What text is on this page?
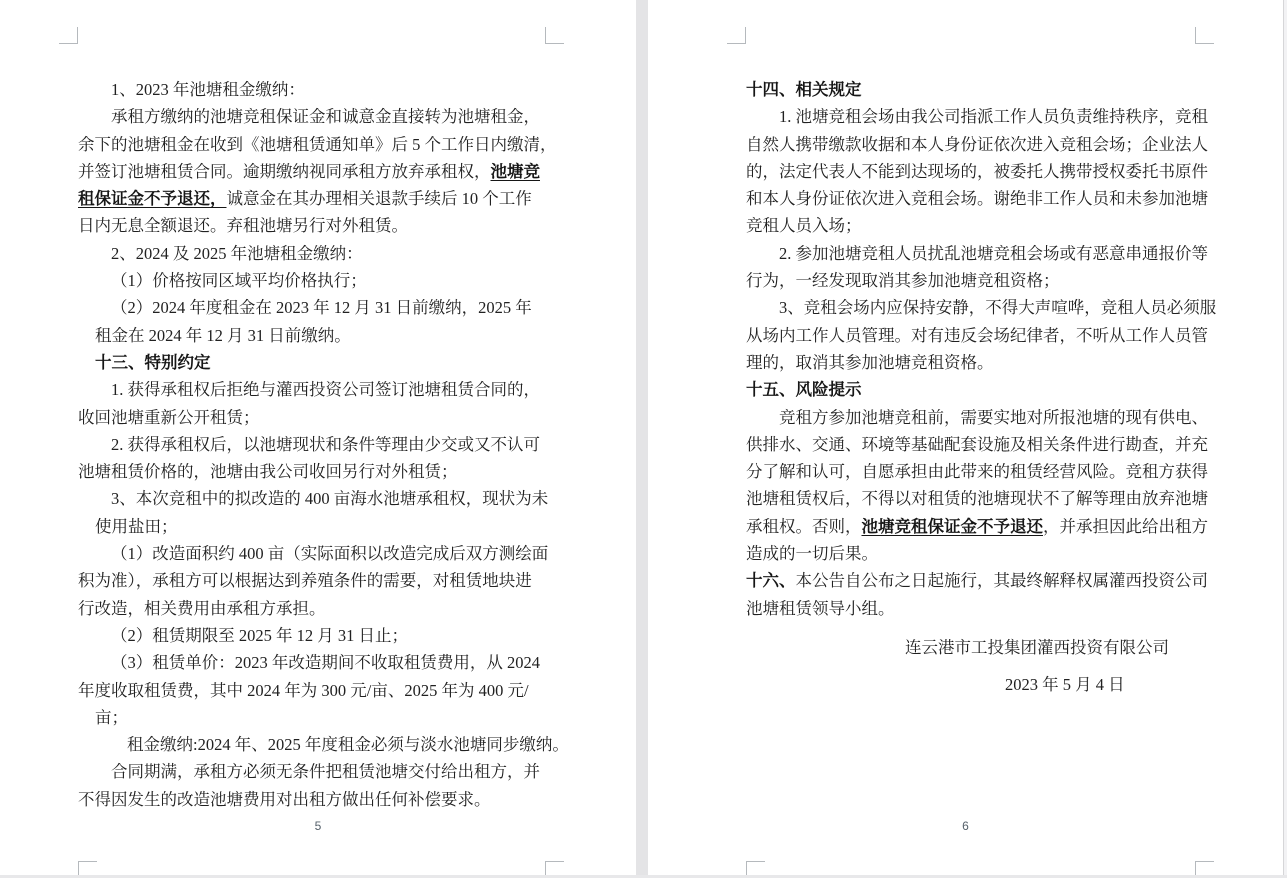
1、2023 年池塘租金缴纳：
承租方缴纳的池塘竞租保证金和诚意金直接转为池塘租金，
余下的池塘租金在收到《池塘租赁通知单》后 5 个工作日内缴清，
并签订池塘租赁合同。逾期缴纳视同承租方放弃承租权，池塘竞
租保证金不予退还，诚意金在其办理相关退款手续后 10 个工作
日内无息全额退还。弃租池塘另行对外租赁。
2、2024 及 2025 年池塘租金缴纳：
（1）价格按同区域平均价格执行；
（2）2024 年度租金在 2023 年 12 月 31 日前缴纳，2025 年
租金在 2024 年 12 月 31 日前缴纳。
十三、特别约定
1. 获得承租权后拒绝与灌西投资公司签订池塘租赁合同的，
收回池塘重新公开租赁；
2. 获得承租权后，以池塘现状和条件等理由少交或又不认可
池塘租赁价格的，池塘由我公司收回另行对外租赁；
3、本次竞租中的拟改造的 400 亩海水池塘承租权，现状为未
使用盐田；
（1）改造面积约 400 亩（实际面积以改造完成后双方测绘面
积为准），承租方可以根据达到养殖条件的需要，对租赁地块进
行改造，相关费用由承租方承担。
（2）租赁期限至 2025 年 12 月 31 日止；
（3）租赁单价：2023 年改造期间不收取租赁费用，从 2024
年度收取租赁费，其中 2024 年为 300 元/亩、2025 年为 400 元/
亩；
租金缴纳:2024 年、2025 年度租金必须与淡水池塘同步缴纳。
合同期满，承租方必须无条件把租赁池塘交付给出租方，并
不得因发生的改造池塘费用对出租方做出任何补偿要求。
5
十四、相关规定
1. 池塘竞租会场由我公司指派工作人员负责维持秩序，竞租
自然人携带缴款收据和本人身份证依次进入竞租会场；企业法人
的，法定代表人不能到达现场的，被委托人携带授权委托书原件
和本人身份证依次进入竞租会场。谢绝非工作人员和未参加池塘
竞租人员入场；
2. 参加池塘竞租人员扰乱池塘竞租会场或有恶意串通报价等
行为，一经发现取消其参加池塘竞租资格；
3、竞租会场内应保持安静，不得大声喧哗，竞租人员必须服
从场内工作人员管理。对有违反会场纪律者，不听从工作人员管
理的，取消其参加池塘竞租资格。
十五、风险提示
竞租方参加池塘竞租前，需要实地对所报池塘的现有供电、
供排水、交通、环境等基础配套设施及相关条件进行勘查，并充
分了解和认可，自愿承担由此带来的租赁经营风险。竞租方获得
池塘租赁权后，不得以对租赁的池塘现状不了解等理由放弃池塘
承租权。否则，池塘竞租保证金不予退还，并承担因此给出租方
造成的一切后果。
十六、本公告自公布之日起施行，其最终解释权属灌西投资公司
池塘租赁领导小组。
连云港市工投集团灌西投资有限公司
2023 年 5 月 4 日
6
